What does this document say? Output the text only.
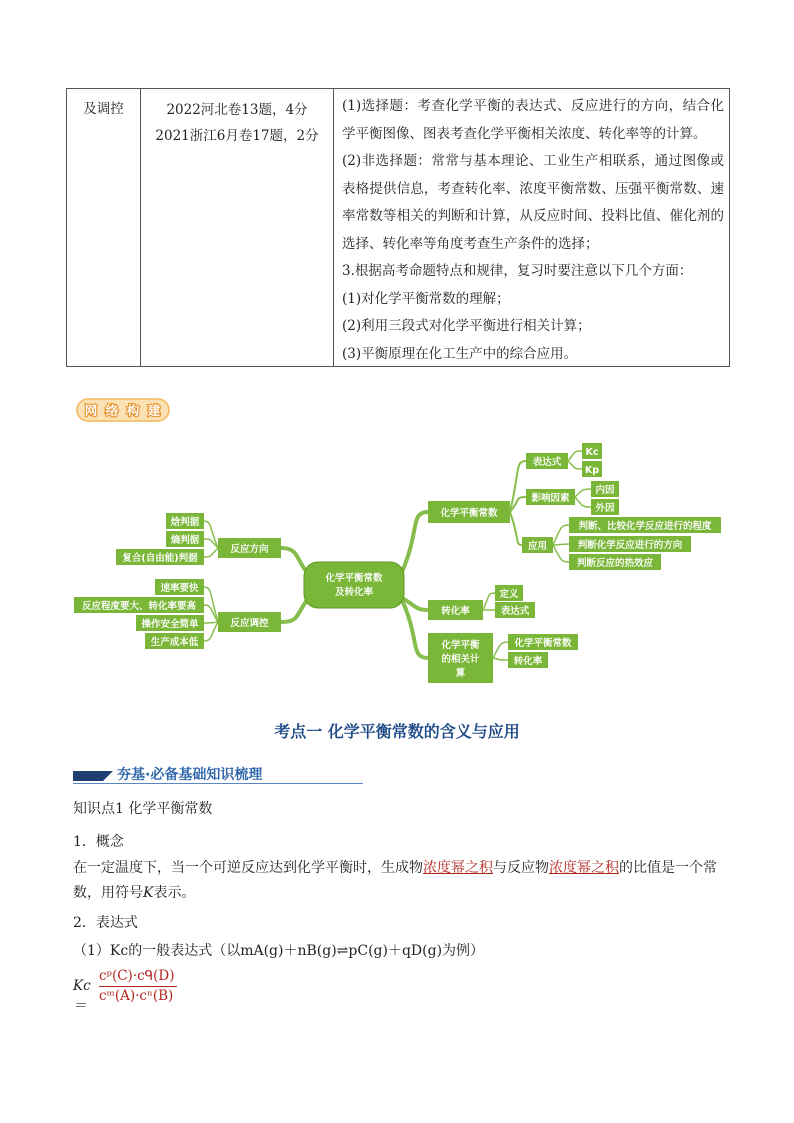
及调控	2022河北卷13题，4分
2021浙江6月卷17题，2分

(1)选择题：考查化学平衡的表达式、反应进行的方向，结合化学平衡图像、图表考查化学平衡相关浓度、转化率等的计算。

(2)非选择题：常常与基本理论、工业生产相联系，通过图像或表格提供信息，考查转化率、浓度平衡常数、压强平衡常数、速率常数等相关的判断和计算，从反应时间、投料比值、催化剂的选择、转化率等角度考查生产条件的选择；

3.根据高考命题特点和规律，复习时要注意以下几个方面：

(1)对化学平衡常数的理解；

(2)利用三段式对化学平衡进行相关计算；

(3)平衡原理在化工生产中的综合应用。

网 络 构 建
化学平衡常数
及转化率
反应方向
反应调控
焓判据
熵判据
复合(自由能)判据
速率要快
反应程度要大、转化率要高
操作安全简单
生产成本低
化学平衡常数
转化率
化学平衡
的相关计
算
表达式
影响因素
应用
Kc
Kp
内因
外因
判断、比较化学反应进行的程度
判断化学反应进行的方向
判断反应的热效应
定义
表达式
化学平衡常数
转化率
考点一 化学平衡常数的含义与应用
夯基·必备基础知识梳理
知识点1 化学平衡常数
1．概念
在一定温度下，当一个可逆反应达到化学平衡时，生成物浓度幂之积与反应物浓度幂之积的比值是一个常数，用符号K表示。
2．表达式
（1）Kc的一般表达式（以mA(g)＋nB(g)⇌pC(g)＋qD(g)为例）
Kc＝
cᵖ(C)·cᑫ(D)
cᵐ(A)·cⁿ(B)
